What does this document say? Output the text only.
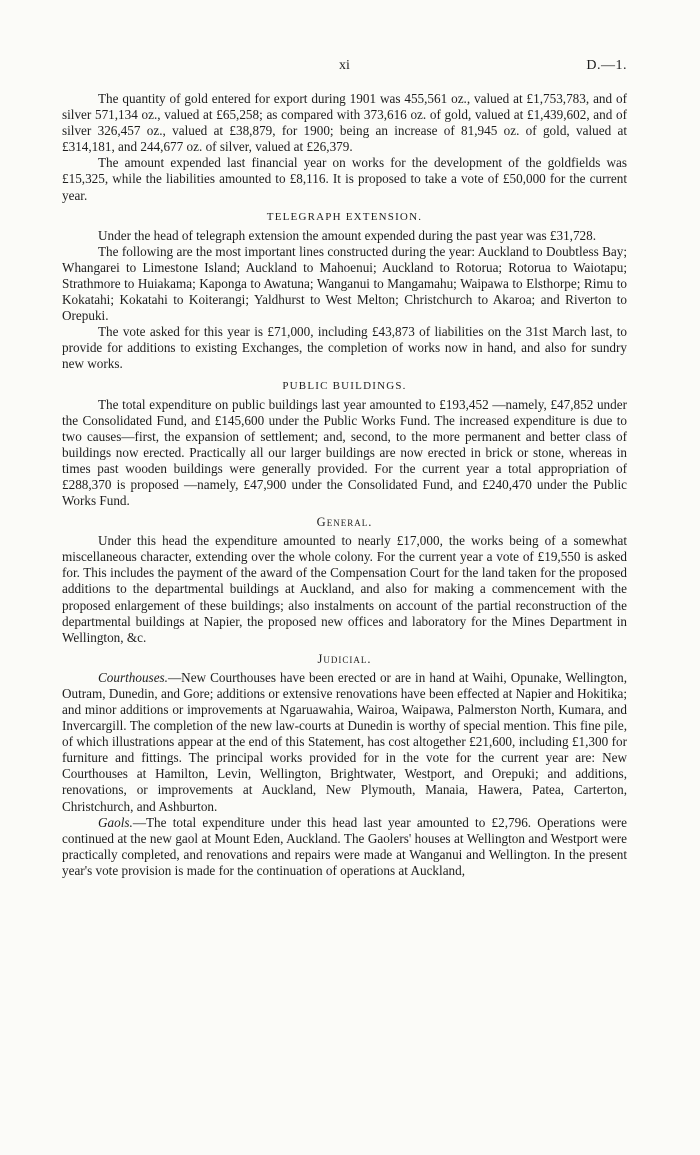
xi	D.—1.

The quantity of gold entered for export during 1901 was 455,561 oz., valued at £1,753,783, and of silver 571,134 oz., valued at £65,258; as compared with 373,616 oz. of gold, valued at £1,439,602, and of silver 326,457 oz., valued at £38,879, for 1900; being an increase of 81,945 oz. of gold, valued at £314,181, and 244,677 oz. of silver, valued at £26,379.

The amount expended last financial year on works for the development of the goldfields was £15,325, while the liabilities amounted to £8,116. It is proposed to take a vote of £50,000 for the current year.

TELEGRAPH EXTENSION.

Under the head of telegraph extension the amount expended during the past year was £31,728.

The following are the most important lines constructed during the year: Auckland to Doubtless Bay; Whangarei to Limestone Island; Auckland to Mahoenui; Auckland to Rotorua; Rotorua to Waiotapu; Strathmore to Huiakama; Kaponga to Awatuna; Wanganui to Mangamahu; Waipawa to Elsthorpe; Rimu to Kokatahi; Kokatahi to Koiterangi; Yaldhurst to West Melton; Christchurch to Akaroa; and Riverton to Orepuki.

The vote asked for this year is £71,000, including £43,873 of liabilities on the 31st March last, to provide for additions to existing Exchanges, the completion of works now in hand, and also for sundry new works.

PUBLIC BUILDINGS.

The total expenditure on public buildings last year amounted to £193,452 —namely, £47,852 under the Consolidated Fund, and £145,600 under the Public Works Fund. The increased expenditure is due to two causes—first, the expansion of settlement; and, second, to the more permanent and better class of buildings now erected. Practically all our larger buildings are now erected in brick or stone, whereas in times past wooden buildings were generally provided. For the current year a total appropriation of £288,370 is proposed —namely, £47,900 under the Consolidated Fund, and £240,470 under the Public Works Fund.

General.

Under this head the expenditure amounted to nearly £17,000, the works being of a somewhat miscellaneous character, extending over the whole colony. For the current year a vote of £19,550 is asked for. This includes the payment of the award of the Compensation Court for the land taken for the proposed additions to the departmental buildings at Auckland, and also for making a commencement with the proposed enlargement of these buildings; also instalments on account of the partial reconstruction of the departmental buildings at Napier, the proposed new offices and laboratory for the Mines Department in Wellington, &c.

Judicial.

Courthouses.—New Courthouses have been erected or are in hand at Waihi, Opunake, Wellington, Outram, Dunedin, and Gore; additions or extensive renovations have been effected at Napier and Hokitika; and minor additions or improvements at Ngaruawahia, Wairoa, Waipawa, Palmerston North, Kumara, and Invercargill. The completion of the new law-courts at Dunedin is worthy of special mention. This fine pile, of which illustrations appear at the end of this Statement, has cost altogether £21,600, including £1,300 for furniture and fittings. The principal works provided for in the vote for the current year are: New Courthouses at Hamilton, Levin, Wellington, Brightwater, Westport, and Orepuki; and additions, renovations, or improvements at Auckland, New Plymouth, Manaia, Hawera, Patea, Carterton, Christchurch, and Ashburton.

Gaols.—The total expenditure under this head last year amounted to £2,796. Operations were continued at the new gaol at Mount Eden, Auckland. The Gaolers' houses at Wellington and Westport were practically completed, and renovations and repairs were made at Wanganui and Wellington. In the present year's vote provision is made for the continuation of operations at Auckland,
